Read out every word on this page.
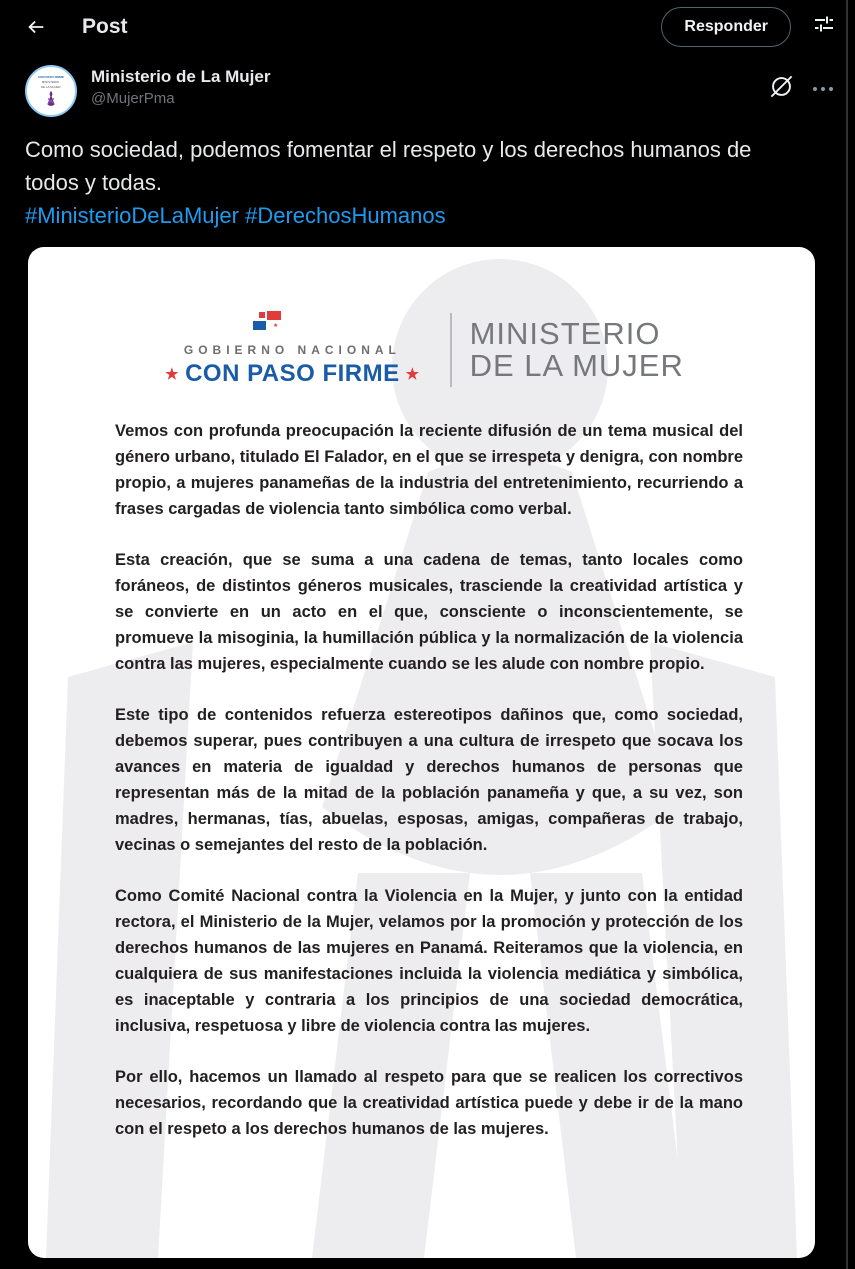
Post	Responder
CON PASO FIRME
MINISTERIO
DE LA MUJER
Ministerio de La Mujer
@MujerPma
Como sociedad, podemos fomentar el respeto y los derechos humanos de todos y todas.
#MinisterioDeLaMujer #DerechosHumanos
GOBIERNO NACIONAL
★ CON PASO FIRME ★
MINISTERIO
DE LA MUJER

Vemos con profunda preocupación la reciente difusión de un tema musical del género urbano, titulado El Falador, en el que se irrespeta y denigra, con nombre propio, a mujeres panameñas de la industria del entretenimiento, recurriendo a frases cargadas de violencia tanto simbólica como verbal.

Esta creación, que se suma a una cadena de temas, tanto locales como foráneos, de distintos géneros musicales, trasciende la creatividad artística y se convierte en un acto en el que, consciente o inconscientemente, se promueve la misoginia, la humillación pública y la normalización de la violencia contra las mujeres, especialmente cuando se les alude con nombre propio.

Este tipo de contenidos refuerza estereotipos dañinos que, como sociedad, debemos superar, pues contribuyen a una cultura de irrespeto que socava los avances en materia de igualdad y derechos humanos de personas que representan más de la mitad de la población panameña y que, a su vez, son madres, hermanas, tías, abuelas, esposas, amigas, compañeras de trabajo, vecinas o semejantes del resto de la población.

Como Comité Nacional contra la Violencia en la Mujer, y junto con la entidad rectora, el Ministerio de la Mujer, velamos por la promoción y protección de los derechos humanos de las mujeres en Panamá. Reiteramos que la violencia, en cualquiera de sus manifestaciones incluida la violencia mediática y simbólica, es inaceptable y contraria a los principios de una sociedad democrática, inclusiva, respetuosa y libre de violencia contra las mujeres.

Por ello, hacemos un llamado al respeto para que se realicen los correctivos necesarios, recordando que la creatividad artística puede y debe ir de la mano con el respeto a los derechos humanos de las mujeres.
